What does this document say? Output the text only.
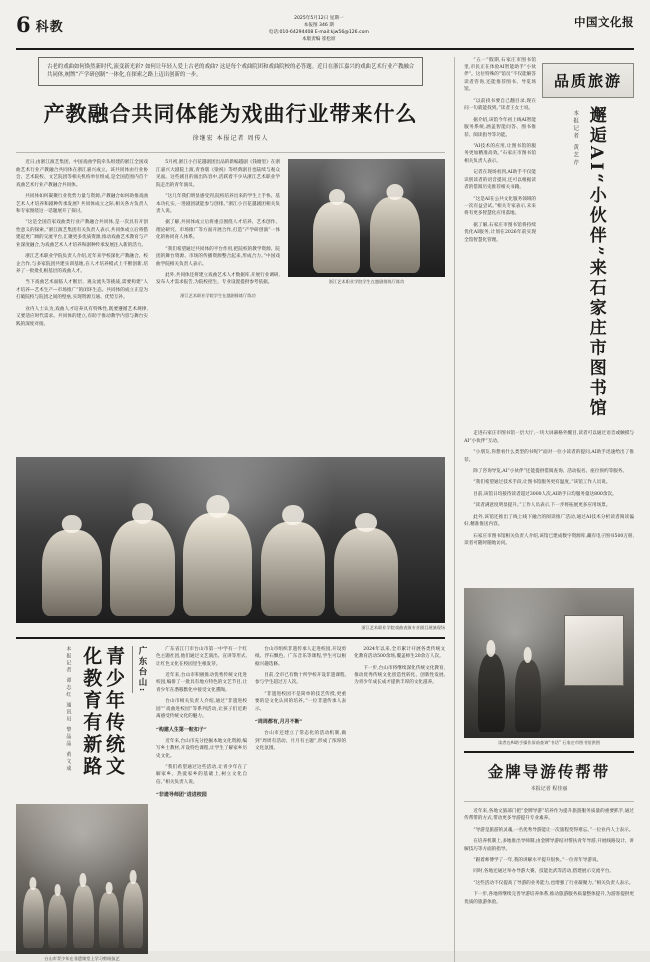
6 科教
2025年5月12日 星期一
本报图 346 期
电话:010-64294408 E-mail:kjw56@126.com
本版责编 崔松原
中国文化报
古老的戏曲如何焕然新时代,演变新光彩? 如何让年轻人爱上古老的戏曲? 这是每个戏曲院团和戏曲院校的必答题。近日在浙江嘉兴的戏曲艺术行业产教融合共同体,树牌“产学研创制”一体化,在探索之路上迈出创新的一步。
产教融合共同体能为戏曲行业带来什么
徐继宏 本报记者 周传人

近日,由浙江演艺集团、中国戏曲学院牵头组建的浙江全国戏曲艺术行业产教融合共同体在浙江嘉兴成立。该共同体由行业协会、艺术院校、文艺院团等相关机构单位组成,是全国范围内首个戏曲艺术行业产教融合共同体。

共同体如何凝聚行业优势力量与资源,产教融合如何助推戏曲艺术人才培养和剧种传承发展? 共同体成立之际,相关各方负责人和专家围绕这一话题展开了探讨。

“这是全国首家戏曲类行业产教融合共同体,是一次具有开创性意义的探索。”浙江演艺集团有关负责人表示,共同体成立后将搭建起更广阔的交流平台,汇聚更多优质资源,推动戏曲艺术教育与产业深度融合,为戏曲艺术人才培养和剧种传承发展注入新的活力。

浙江艺术职业学院负责人介绍,近年来学校深化产教融合、校企合作,与多家院团共建实训基地,在人才培养模式上不断创新,培养了一批批扎根基层的戏曲人才。

当下戏曲艺术面临人才断层、观众流失等挑战,需要构建“人才培养—艺术生产—市场推广”的闭环生态。共同体的成立正是为打破院校与院团之间的壁垒,实现资源互通、优势互补。

业内人士认为,戏曲人才培养具有特殊性,既要遵循艺术规律,又要适应时代需求。共同体的建立,有助于推动教学内容与舞台实践的深度对接。

5月初,浙江小百花越剧团出品的新编越剧《钱塘里》在浙江嘉兴大剧院上演,青春版《梁祝》等经典剧目也陆续与观众见面。这些剧目的演出阵容中,活跃着不少从浙江艺术职业学院走出的青年演员。

“这几年我们明显感受到,院校培养出来的学生上手快、基本功扎实,一进剧团就能参与创排。”浙江小百花越剧团相关负责人说。

据了解,共同体成立后将重点围绕人才培养、艺术创作、理论研究、市场推广等方面开展合作,打造“产学研创演”一体化的协同育人体系。

“我们希望通过共同体的平台作用,把院校的教学资源、院团的舞台资源、市场的传播资源整合起来,形成合力。”中国戏曲学院相关负责人表示。

此外,共同体还将建立戏曲艺术人才数据库,开展行业调研,发布人才需求报告,为院校招生、专业设置提供参考依据。

浙江艺术职业学院学生在越剧排练厅练功
浙江艺术职业学院学生在越剧排练厅练功
浙江艺术职业学院戏曲表演专业剧目展演现场
本报记者 谭志红 通讯员 黎晶晶 黄文成	青少年传统文化教育有新路	广东台山:
台山市青少年在非遗课堂上学习剪纸技艺

广东省江门市台山市第一中学有一个红色主题社团,他们通过文艺演出、宣讲等形式,让红色文化在校园里生根发芽。

近年来,台山市积极推动优秀传统文化进校园,编排了一批具有地方特色的文艺节目,让青少年在潜移默化中接受文化熏陶。

台山市相关负责人介绍,通过“非遗进校园”“戏曲进校园”等系列活动,让孩子们近距离感受传统文化的魅力。

“构建人生第一粒扣子”

近年来,台山市充分挖掘本地文化资源,编写乡土教材,开设特色课程,让学生了解家乡历史文化。

“我们希望通过这些活动,让青少年在了解家乡、热爱家乡的基础上,树立文化自信。”相关负责人说。

“非遗导师团”进进校园

台山市组织非遗传承人走进校园,开设剪纸、浮石飘色、广东音乐等课程,学生可以根据兴趣选修。

目前,全市已有数十所学校开设非遗课程,参与学生超过万人次。

“非遗进校园不是简单的技艺传授,更重要的是文化认同的培养。”一位非遗传承人表示。

“周周都有,月月不断”

台山市还建立了常态化的活动机制,做到“周周有活动、月月有主题”,形成了浓厚的文化氛围。

2024年以来,全市累计开展各类传统文化教育活动500余场,覆盖师生20余万人次。

下一步,台山市将继续深化传统文化教育,推动优秀传统文化创造性转化、创新性发展,为青少年成长成才提供丰厚的文化滋养。

“五一”假期,石家庄市图书馆里,市民正在体验AI智能助手“小伙伴”。这位特殊的“馆员”不仅能解答读者咨询,还能推荐图书、导览场馆。

“以前找书要自己翻目录,现在问一句就能找到。”读者王女士说。

据介绍,该馆今年初上线AI智能服务系统,涵盖智能问答、图书推荐、阅读指导等功能。

“AI技术的应用,让图书馆的服务更加精准高效。”石家庄市图书馆相关负责人表示。

记者在现场看到,AI助手不仅能识别读者的语音提问,还可以根据读者的借阅历史推荐相关书籍。

“这是AI在公共文化服务领域的一次有益尝试。”相关专家表示,未来将有更多智慧化应用落地。

据了解,石家庄市图书馆将持续优化AI服务,计划在2026年前实现全馆智慧化管理。

品质旅游
本报记者 黄艺芹 邂逅AI“小伙伴”来石家庄市图书馆

走进石家庄市图书馆一层大厅,一块大屏幕格外醒目,读者可以通过语音或触摸与AI“小伙伴”互动。

“小朋友,你想看什么类型的书呢?”面对一位小读者的提问,AI助手迅速给出了推荐。

除了咨询导览,AI“小伙伴”还能提供借阅查询、活动报名、座位预约等服务。

“我们希望通过技术手段,让图书馆服务更有温度。”该馆工作人员说。

目前,该馆日均接待读者超过3000人次,AI助手日均服务量达800余次。

“读者满意度明显提升。”工作人员表示,下一步将拓展更多应用场景。

此外,该馆还推出了线上线下融合的阅读推广活动,通过AI技术分析读者阅读偏好,精准推送内容。

石家庄市图书馆相关负责人介绍,该馆已建成数字资源库,藏有电子图书500万册,读者可随时随地访问。

读者在AI助手操作屏前查询“书话” 石家庄市图书馆供图
金牌导游传帮带
本报记者 程佳丽

近年来,各地文旅部门把“金牌导游”培养作为提升旅游服务质量的重要抓手,通过传帮带的方式,带动更多导游提升专业素养。

“导游是旅游的灵魂,一名优秀导游能让一次旅程变得难忘。”一位业内人士表示。

在培养机制上,多地推出导师制,由金牌导游结对帮扶青年导游,开展线路设计、讲解技巧等方面的指导。

“跟着师傅学了一年,我的讲解水平提升很快。”一位青年导游说。

同时,各地还通过举办导游大赛、技能比武等活动,搭建展示交流平台。

“这些活动不仅提高了导游的业务能力,也增强了行业凝聚力。”相关负责人表示。

下一步,各地将继续完善导游培养体系,推动旅游服务质量整体提升,为游客提供更优质的旅游体验。
